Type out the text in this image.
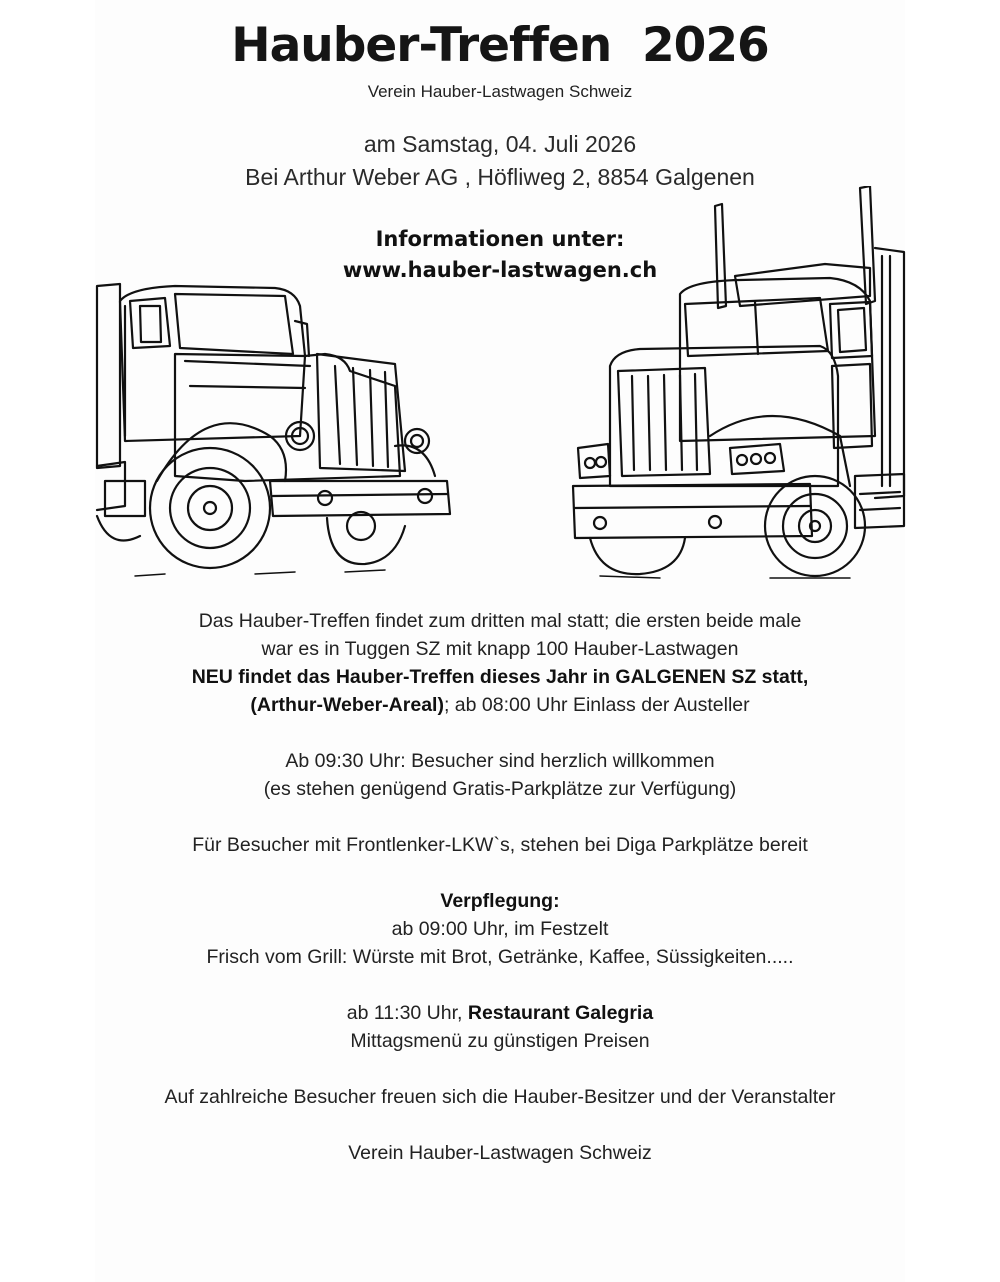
Hauber-Treffen  2026
Verein Hauber-Lastwagen Schweiz
am Samstag, 04. Juli 2026
Bei Arthur Weber AG , Höfliweg 2, 8854 Galgenen
Informationen unter:
www.hauber-lastwagen.ch
Das Hauber-Treffen findet zum dritten mal statt; die ersten beide male
war es in Tuggen SZ mit knapp 100 Hauber-Lastwagen
NEU findet das Hauber-Treffen dieses Jahr in GALGENEN SZ statt,
(Arthur-Weber-Areal); ab 08:00 Uhr Einlass der Austeller
Ab 09:30 Uhr: Besucher sind herzlich willkommen
(es stehen genügend Gratis-Parkplätze zur Verfügung)
Für Besucher mit Frontlenker-LKW`s, stehen bei Diga Parkplätze bereit
Verpflegung:
ab 09:00 Uhr, im Festzelt
Frisch vom Grill: Würste mit Brot, Getränke, Kaffee, Süssigkeiten.....
ab 11:30 Uhr, Restaurant Galegria
Mittagsmenü zu günstigen Preisen
Auf zahlreiche Besucher freuen sich die Hauber-Besitzer und der Veranstalter
Verein Hauber-Lastwagen Schweiz
